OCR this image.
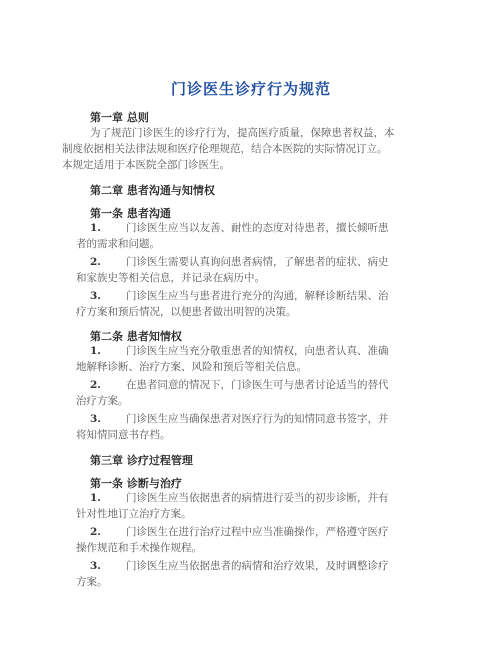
门诊医生诊疗行为规范
第一章 总则
为了规范门诊医生的诊疗行为，提高医疗质量，保障患者权益，本
制度依据相关法律法规和医疗伦理规范，结合本医院的实际情况订立。
本规定适用于本医院全部门诊医生。
第二章 患者沟通与知情权
第一条 患者沟通
1. 门诊医生应当以友善、耐性的态度对待患者，擅长倾听患
者的需求和问题。
2. 门诊医生需要认真询问患者病情，了解患者的症状、病史
和家族史等相关信息，并记录在病历中。
3. 门诊医生应当与患者进行充分的沟通，解释诊断结果、治
疗方案和预后情况，以便患者做出明智的决策。
第二条 患者知情权
1. 门诊医生应当充分敬重患者的知情权，向患者认真、准确
地解释诊断、治疗方案、风险和预后等相关信息。
2. 在患者同意的情况下，门诊医生可与患者讨论适当的替代
治疗方案。
3. 门诊医生应当确保患者对医疗行为的知情同意书签字，并
将知情同意书存档。
第三章 诊疗过程管理
第一条 诊断与治疗
1. 门诊医生应当依据患者的病情进行妥当的初步诊断，并有
针对性地订立治疗方案。
2. 门诊医生在进行治疗过程中应当准确操作，严格遵守医疗
操作规范和手术操作规程。
3. 门诊医生应当依据患者的病情和治疗效果，及时调整诊疗
方案。
